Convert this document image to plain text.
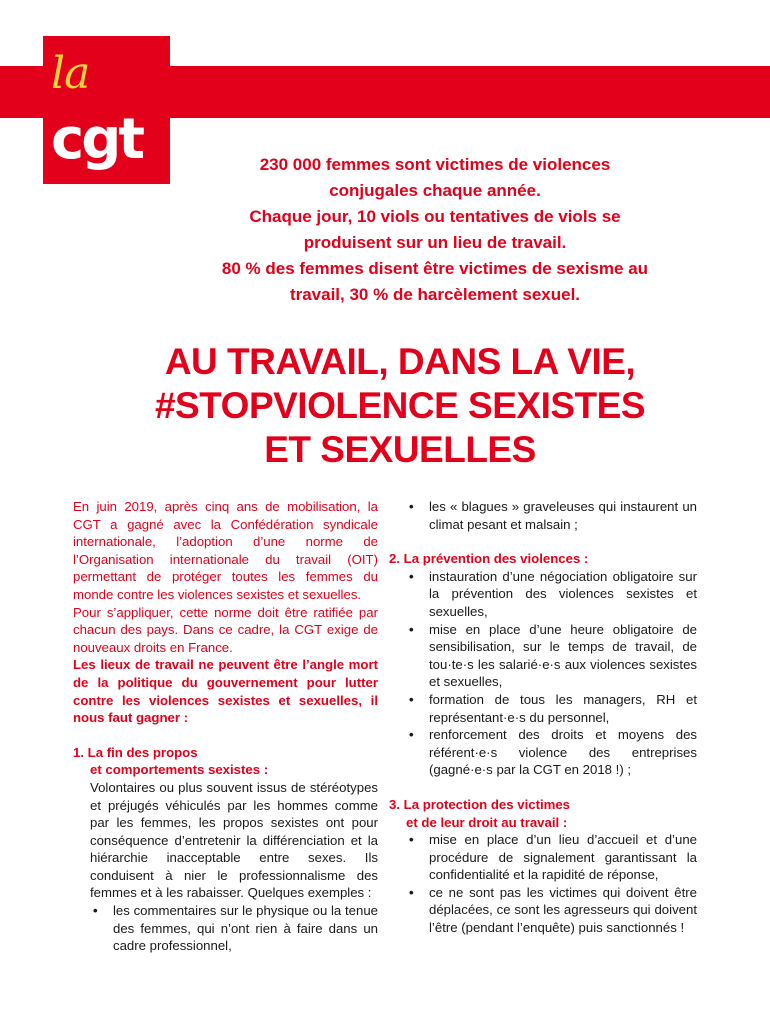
la
cgt	230 000 femmes sont victimes de violences
conjugales chaque année.

Chaque jour, 10 viols ou tentatives de viols se
produisent sur un lieu de travail.

80 % des femmes disent être victimes de sexisme au
travail, 30 % de harcèlement sexuel.

AU TRAVAIL, DANS LA VIE,
#STOPVIOLENCE SEXISTES
ET SEXUELLES

En juin 2019, après cinq ans de mobilisation, la CGT a gagné avec la Confédération syndicale internationale, l’adoption d’une norme de l’Organisation internationale du travail (OIT) permettant de protéger toutes les femmes du monde contre les violences sexistes et sexuelles.

Pour s’appliquer, cette norme doit être ratifiée par chacun des pays. Dans ce cadre, la CGT exige de nouveaux droits en France.

Les lieux de travail ne peuvent être l’angle mort de la politique du gouvernement pour lutter contre les violences sexistes et sexuelles, il nous faut gagner :

1. La fin des propos
et comportements sexistes :

Volontaires ou plus souvent issus de stéréotypes et préjugés véhiculés par les hommes comme par les femmes, les propos sexistes ont pour conséquence d’entretenir la différenciation et la hiérarchie inacceptable entre sexes. Ils conduisent à nier le professionnalisme des femmes et à les rabaisser. Quelques exemples :

• les commentaires sur le physique ou la tenue des femmes, qui n’ont rien à faire dans un cadre professionnel,
• les « blagues » graveleuses qui instaurent un climat pesant et malsain ;

2. La prévention des violences :

• instauration d’une négociation obligatoire sur la prévention des violences sexistes et sexuelles,
• mise en place d’une heure obligatoire de sensibilisation, sur le temps de travail, de tou·te·s les salarié·e·s aux violences sexistes et sexuelles,
• formation de tous les managers, RH et représentant·e·s du personnel,
• renforcement des droits et moyens des référent·e·s violence des entreprises (gagné·e·s par la CGT en 2018 !) ;

3. La protection des victimes
et de leur droit au travail :

• mise en place d’un lieu d’accueil et d’une procédure de signalement garantissant la confidentialité et la rapidité de réponse,
• ce ne sont pas les victimes qui doivent être déplacées, ce sont les agresseurs qui doivent l’être (pendant l’enquête) puis sanctionnés !
